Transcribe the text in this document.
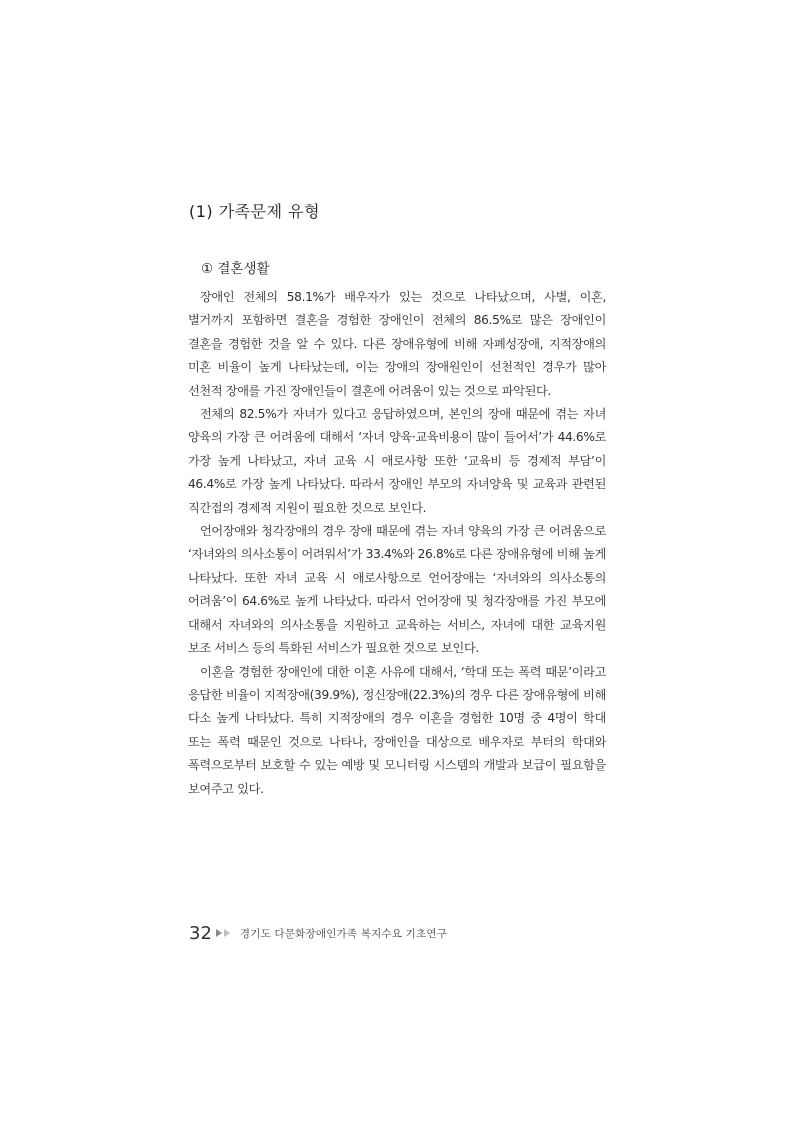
(1) 가족문제 유형
① 결혼생활

장애인 전체의 58.1%가 배우자가 있는 것으로 나타났으며, 사별, 이혼, 별거까지 포함하면 결혼을 경험한 장애인이 전체의 86.5%로 많은 장애인이 결혼을 경험한 것을 알 수 있다. 다른 장애유형에 비해 자폐성장애, 지적장애의 미혼 비율이 높게 나타났는데, 이는 장애의 장애원인이 선천적인 경우가 많아 선천적 장애를 가진 장애인들이 결혼에 어려움이 있는 것으로 파악된다.

전체의 82.5%가 자녀가 있다고 응답하였으며, 본인의 장애 때문에 겪는 자녀 양육의 가장 큰 어려움에 대해서 ‘자녀 양육·교육비용이 많이 들어서’가 44.6%로 가장 높게 나타났고, 자녀 교육 시 애로사항 또한 ‘교육비 등 경제적 부담’이 46.4%로 가장 높게 나타났다. 따라서 장애인 부모의 자녀양육 및 교육과 관련된 직간접의 경제적 지원이 필요한 것으로 보인다.

언어장애와 청각장애의 경우 장애 때문에 겪는 자녀 양육의 가장 큰 어려움으로 ‘자녀와의 의사소통이 어려워서’가 33.4%와 26.8%로 다른 장애유형에 비해 높게 나타났다. 또한 자녀 교육 시 애로사항으로 언어장애는 ‘자녀와의 의사소통의 어려움’이 64.6%로 높게 나타났다. 따라서 언어장애 및 청각장애를 가진 부모에 대해서 자녀와의 의사소통을 지원하고 교육하는 서비스, 자녀에 대한 교육지원 보조 서비스 등의 특화된 서비스가 필요한 것으로 보인다.

이혼을 경험한 장애인에 대한 이혼 사유에 대해서, ‘학대 또는 폭력 때문’이라고 응답한 비율이 지적장애(39.9%), 정신장애(22.3%)의 경우 다른 장애유형에 비해 다소 높게 나타났다. 특히 지적장애의 경우 이혼을 경험한 10명 중 4명이 학대 또는 폭력 때문인 것으로 나타나, 장애인을 대상으로 배우자로 부터의 학대와 폭력으로부터 보호할 수 있는 예방 및 모니터링 시스템의 개발과 보급이 필요함을 보여주고 있다.

32	경기도 다문화장애인가족 복지수요 기초연구
